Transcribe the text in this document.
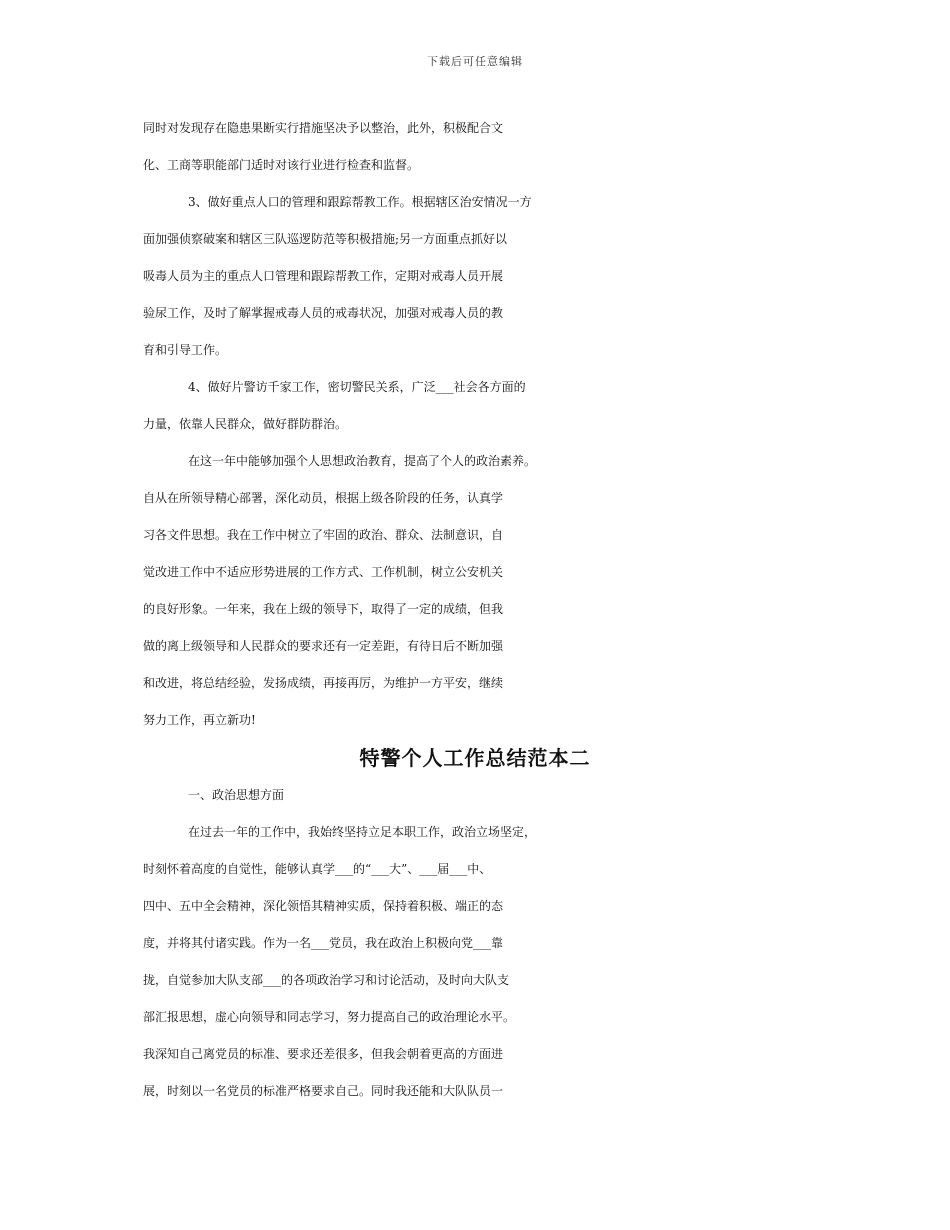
下载后可任意编辑
同时对发现存在隐患果断实行措施坚决予以整治，此外，积极配合文
化、工商等职能部门适时对该行业进行检查和监督。
3、做好重点人口的管理和跟踪帮教工作。根据辖区治安情况一方
面加强侦察破案和辖区三队巡逻防范等积极措施;另一方面重点抓好以
吸毒人员为主的重点人口管理和跟踪帮教工作，定期对戒毒人员开展
验尿工作，及时了解掌握戒毒人员的戒毒状况，加强对戒毒人员的教
育和引导工作。
4、做好片警访千家工作，密切警民关系，广泛___社会各方面的
力量，依靠人民群众，做好群防群治。
在这一年中能够加强个人思想政治教育，提高了个人的政治素养。
自从在所领导精心部署，深化动员，根据上级各阶段的任务，认真学
习各文件思想。我在工作中树立了牢固的政治、群众、法制意识，自
觉改进工作中不适应形势进展的工作方式、工作机制，树立公安机关
的良好形象。一年来，我在上级的领导下，取得了一定的成绩，但我
做的离上级领导和人民群众的要求还有一定差距，有待日后不断加强
和改进，将总结经验，发扬成绩，再接再厉，为维护一方平安，继续
努力工作，再立新功!
特警个人工作总结范本二
一、政治思想方面
在过去一年的工作中，我始终坚持立足本职工作，政治立场坚定，
时刻怀着高度的自觉性，能够认真学___的“___大”、___届___中、
四中、五中全会精神，深化领悟其精神实质，保持着积极、端正的态
度，并将其付诸实践。作为一名___党员，我在政治上积极向党___靠
拢，自觉参加大队支部___的各项政治学习和讨论活动，及时向大队支
部汇报思想，虚心向领导和同志学习，努力提高自己的政治理论水平。
我深知自己离党员的标准、要求还差很多，但我会朝着更高的方面进
展，时刻以一名党员的标准严格要求自己。同时我还能和大队队员一
